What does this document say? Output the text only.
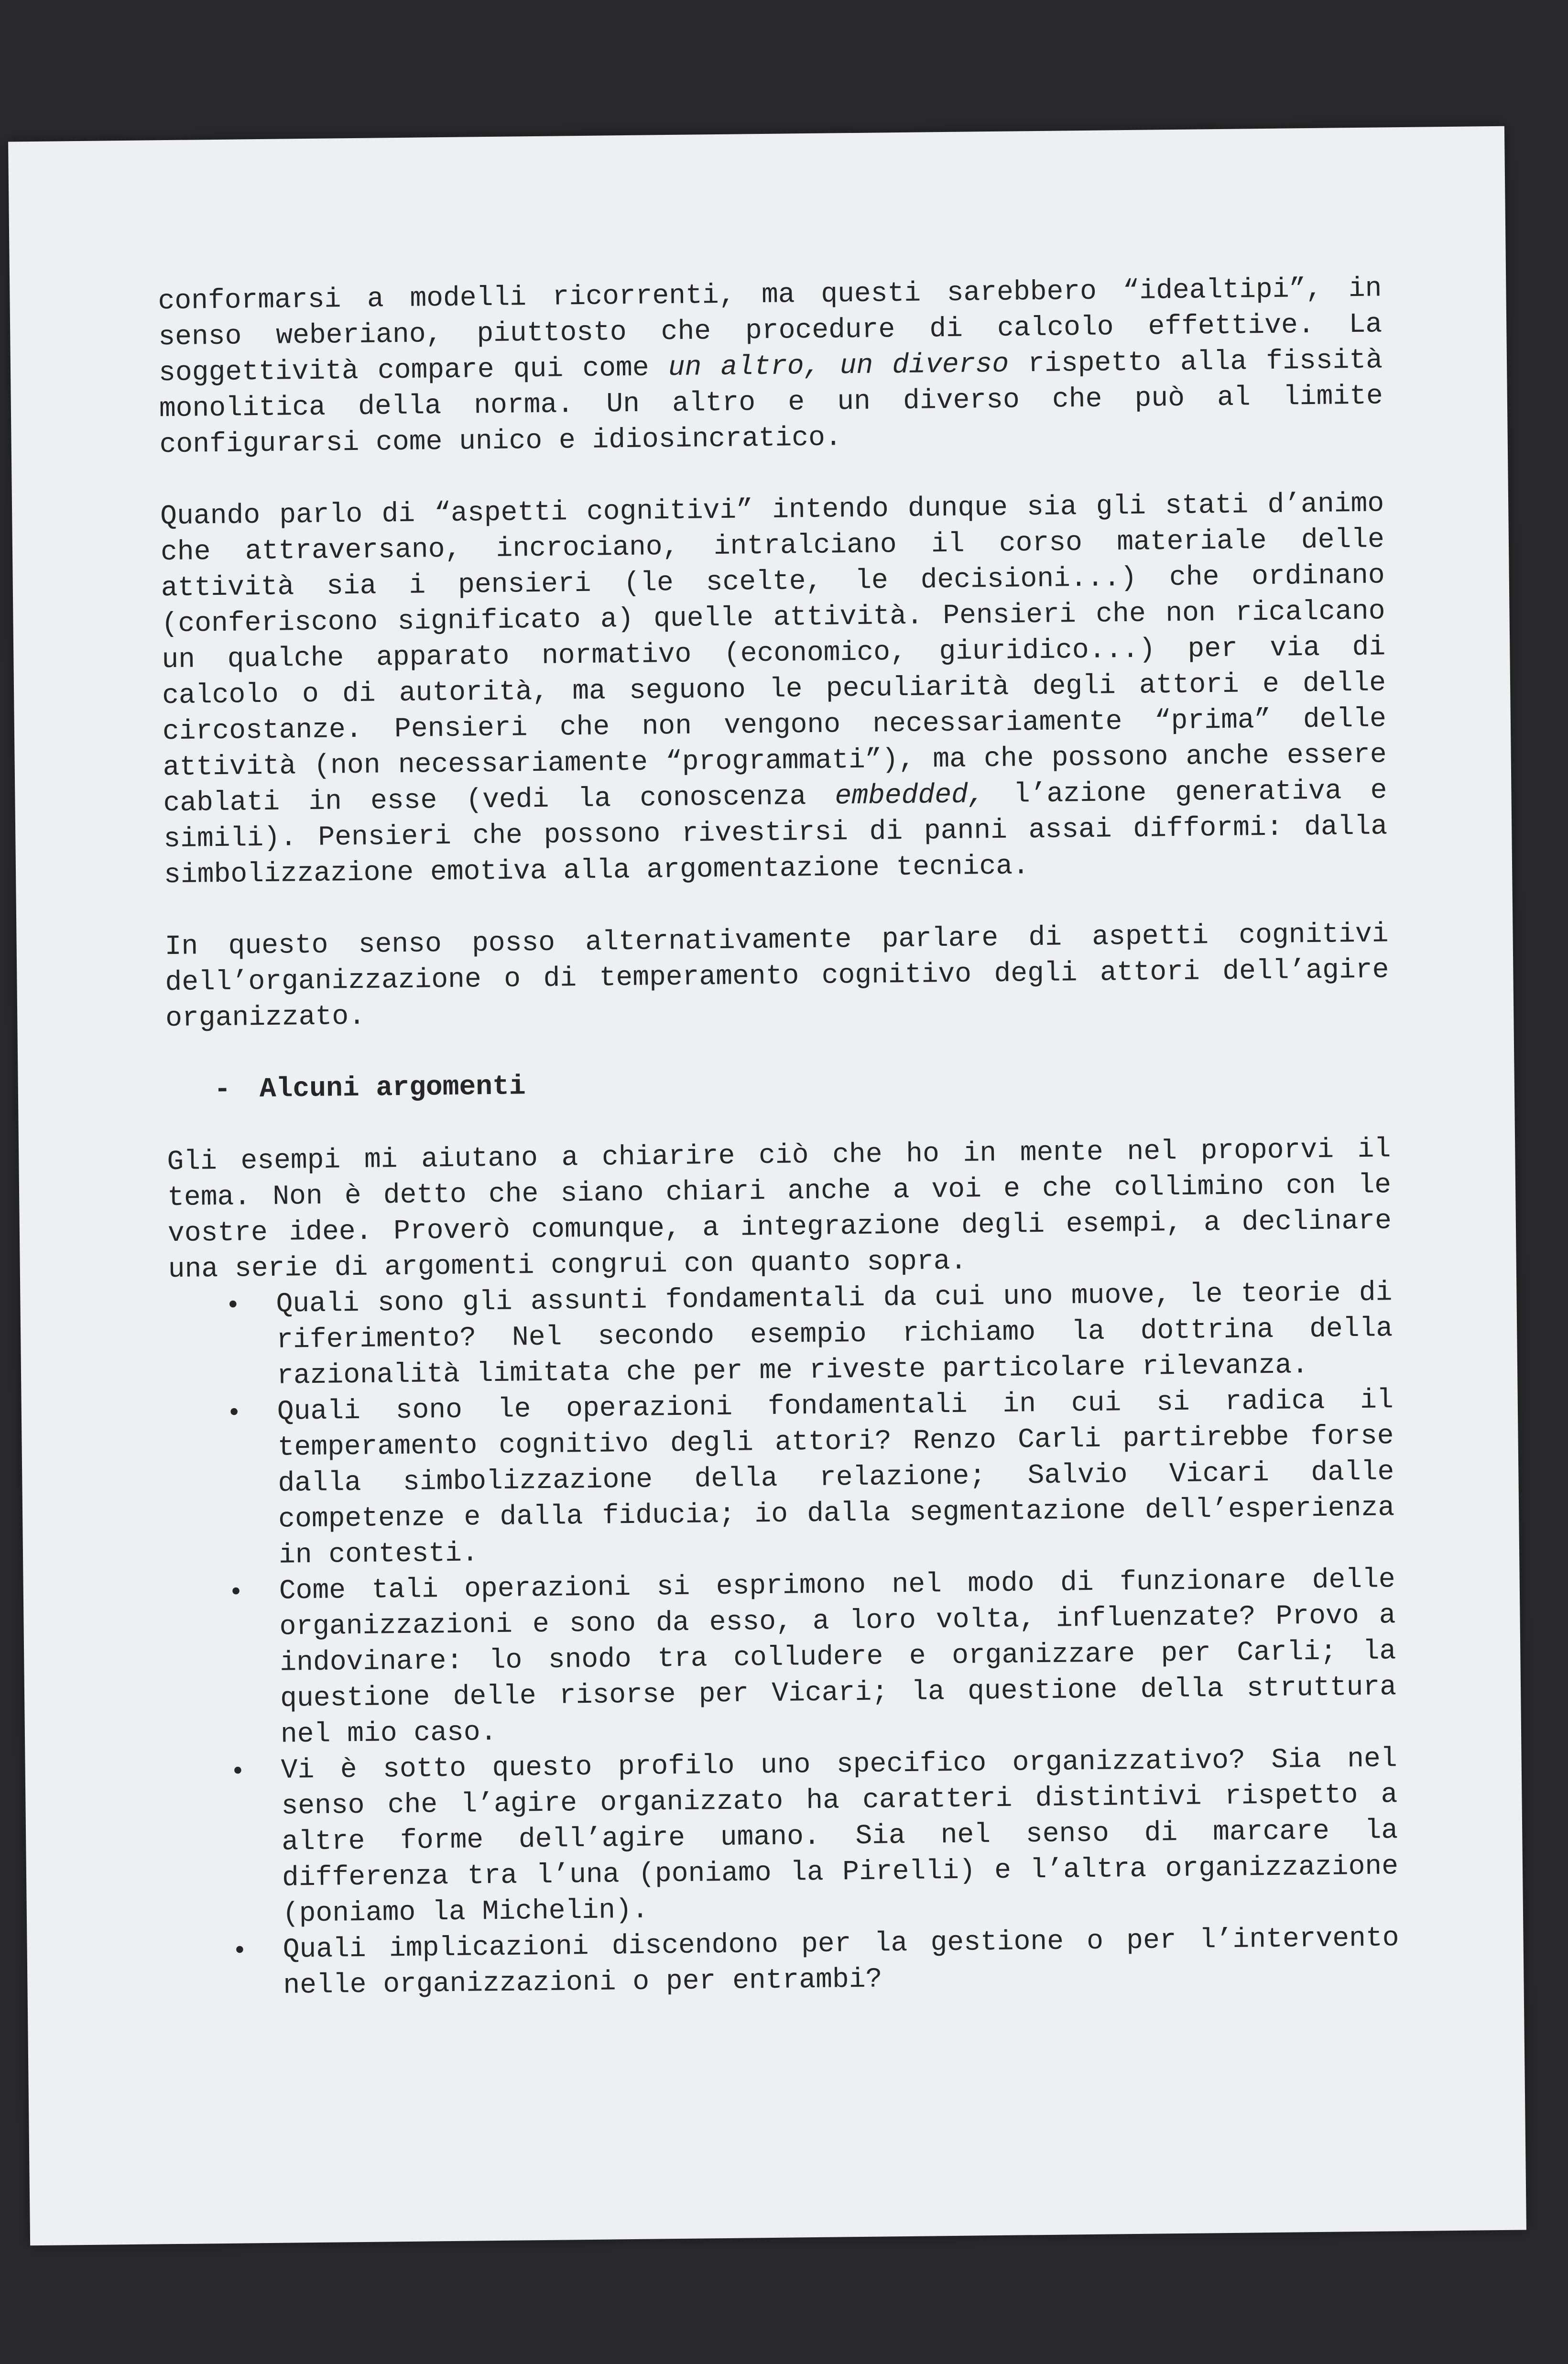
conformarsi a modelli ricorrenti, ma questi sarebbero “idealtipi”, in senso weberiano, piuttosto che procedure di calcolo effettive. La soggettività compare qui come un altro, un diverso rispetto alla fissità monolitica della norma. Un altro e un diverso che può al limite configurarsi come unico e idiosincratico.

Quando parlo di “aspetti cognitivi” intendo dunque sia gli stati d’animo che attraversano, incrociano, intralciano il corso materiale delle attività sia i pensieri (le scelte, le decisioni...) che ordinano (conferiscono significato a) quelle attività. Pensieri che non ricalcano un qualche apparato normativo (economico, giuridico...) per via di calcolo o di autorità, ma seguono le peculiarità degli attori e delle circostanze. Pensieri che non vengono necessariamente “prima” delle attività (non necessariamente “programmati”), ma che possono anche essere cablati in esse (vedi la conoscenza embedded, l’azione generativa e simili). Pensieri che possono rivestirsi di panni assai difformi: dalla simbolizzazione emotiva alla argomentazione tecnica.

In questo senso posso alternativamente parlare di aspetti cognitivi dell’organizzazione o di temperamento cognitivo degli attori dell’agire organizzato.

- Alcuni argomenti

Gli esempi mi aiutano a chiarire ciò che ho in mente nel proporvi il tema. Non è detto che siano chiari anche a voi e che collimino con le vostre idee. Proverò comunque, a integrazione degli esempi, a declinare una serie di argomenti congrui con quanto sopra.

• Quali sono gli assunti fondamentali da cui uno muove, le teorie di riferimento? Nel secondo esempio richiamo la dottrina della razionalità limitata che per me riveste particolare rilevanza.
• Quali sono le operazioni fondamentali in cui si radica il temperamento cognitivo degli attori? Renzo Carli partirebbe forse dalla simbolizzazione della relazione; Salvio Vicari dalle competenze e dalla fiducia; io dalla segmentazione dell’esperienza in contesti.
• Come tali operazioni si esprimono nel modo di funzionare delle organizzazioni e sono da esso, a loro volta, influenzate? Provo a indovinare: lo snodo tra colludere e organizzare per Carli; la questione delle risorse per Vicari; la questione della struttura nel mio caso.
• Vi è sotto questo profilo uno specifico organizzativo? Sia nel senso che l’agire organizzato ha caratteri distintivi rispetto a altre forme dell’agire umano. Sia nel senso di marcare la differenza tra l’una (poniamo la Pirelli) e l’altra organizzazione (poniamo la Michelin).
• Quali implicazioni discendono per la gestione o per l’intervento nelle organizzazioni o per entrambi?
